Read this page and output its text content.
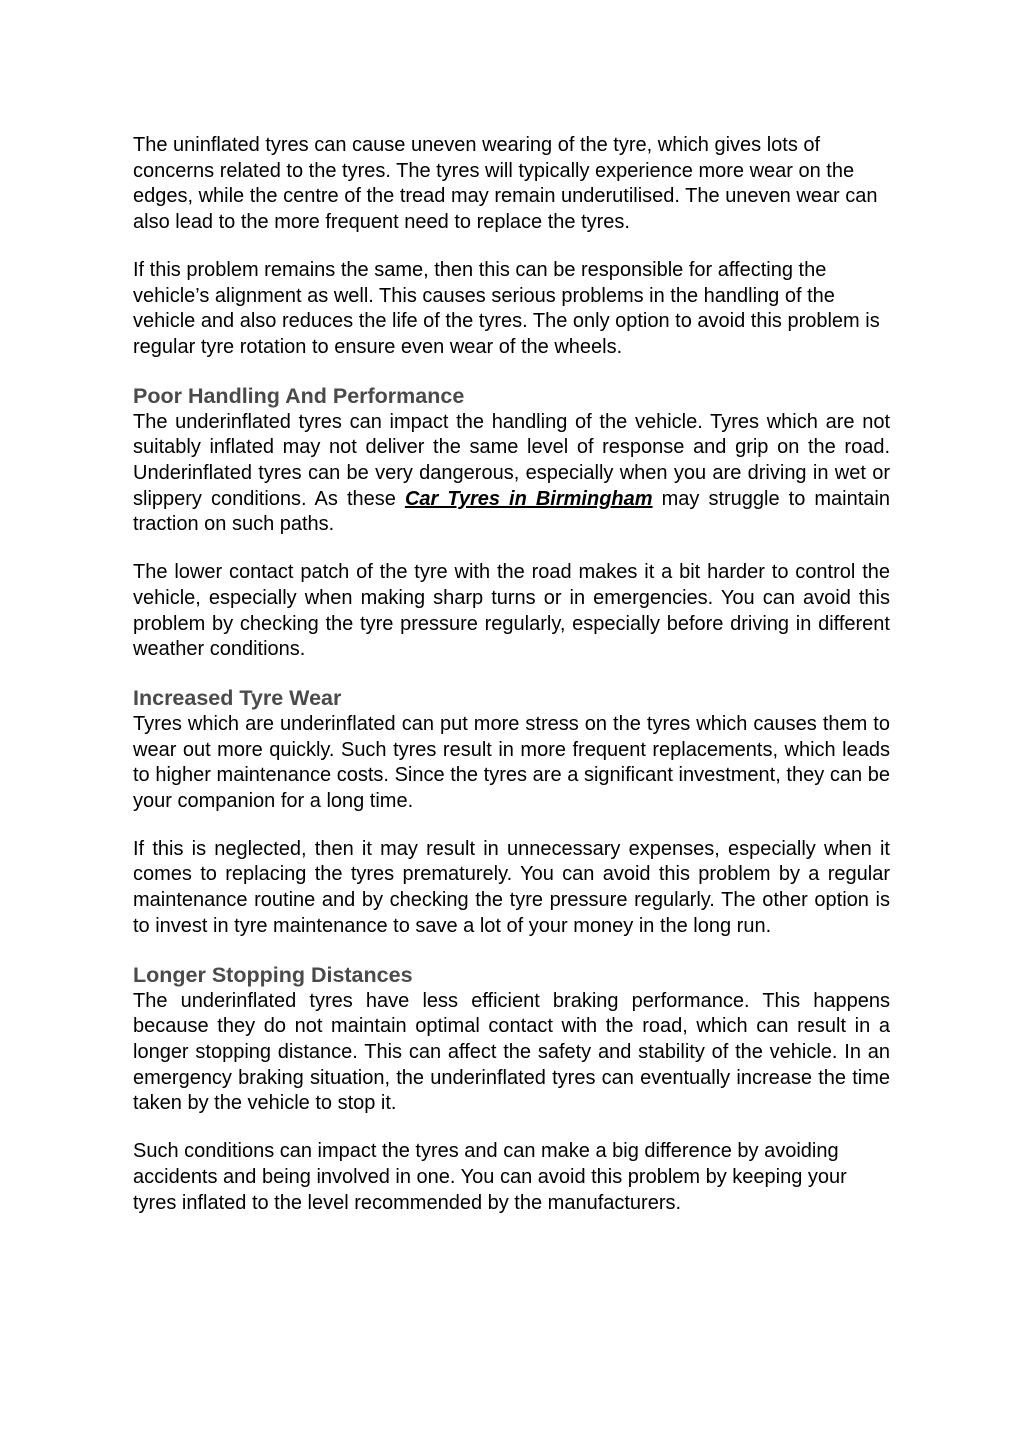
The uninflated tyres can cause uneven wearing of the tyre, which gives lots of concerns related to the tyres. The tyres will typically experience more wear on the edges, while the centre of the tread may remain underutilised. The uneven wear can also lead to the more frequent need to replace the tyres.

If this problem remains the same, then this can be responsible for affecting the vehicle’s alignment as well. This causes serious problems in the handling of the vehicle and also reduces the life of the tyres. The only option to avoid this problem is regular tyre rotation to ensure even wear of the wheels.

Poor Handling And Performance

The underinflated tyres can impact the handling of the vehicle. Tyres which are not suitably inflated may not deliver the same level of response and grip on the road. Underinflated tyres can be very dangerous, especially when you are driving in wet or slippery conditions. As these Car Tyres in Birmingham may struggle to maintain traction on such paths.

The lower contact patch of the tyre with the road makes it a bit harder to control the vehicle, especially when making sharp turns or in emergencies. You can avoid this problem by checking the tyre pressure regularly, especially before driving in different weather conditions.

Increased Tyre Wear

Tyres which are underinflated can put more stress on the tyres which causes them to wear out more quickly. Such tyres result in more frequent replacements, which leads to higher maintenance costs. Since the tyres are a significant investment, they can be your companion for a long time.

If this is neglected, then it may result in unnecessary expenses, especially when it comes to replacing the tyres prematurely. You can avoid this problem by a regular maintenance routine and by checking the tyre pressure regularly. The other option is to invest in tyre maintenance to save a lot of your money in the long run.

Longer Stopping Distances

The underinflated tyres have less efficient braking performance. This happens because they do not maintain optimal contact with the road, which can result in a longer stopping distance. This can affect the safety and stability of the vehicle. In an emergency braking situation, the underinflated tyres can eventually increase the time taken by the vehicle to stop it.

Such conditions can impact the tyres and can make a big difference by avoiding accidents and being involved in one. You can avoid this problem by keeping your tyres inflated to the level recommended by the manufacturers.
